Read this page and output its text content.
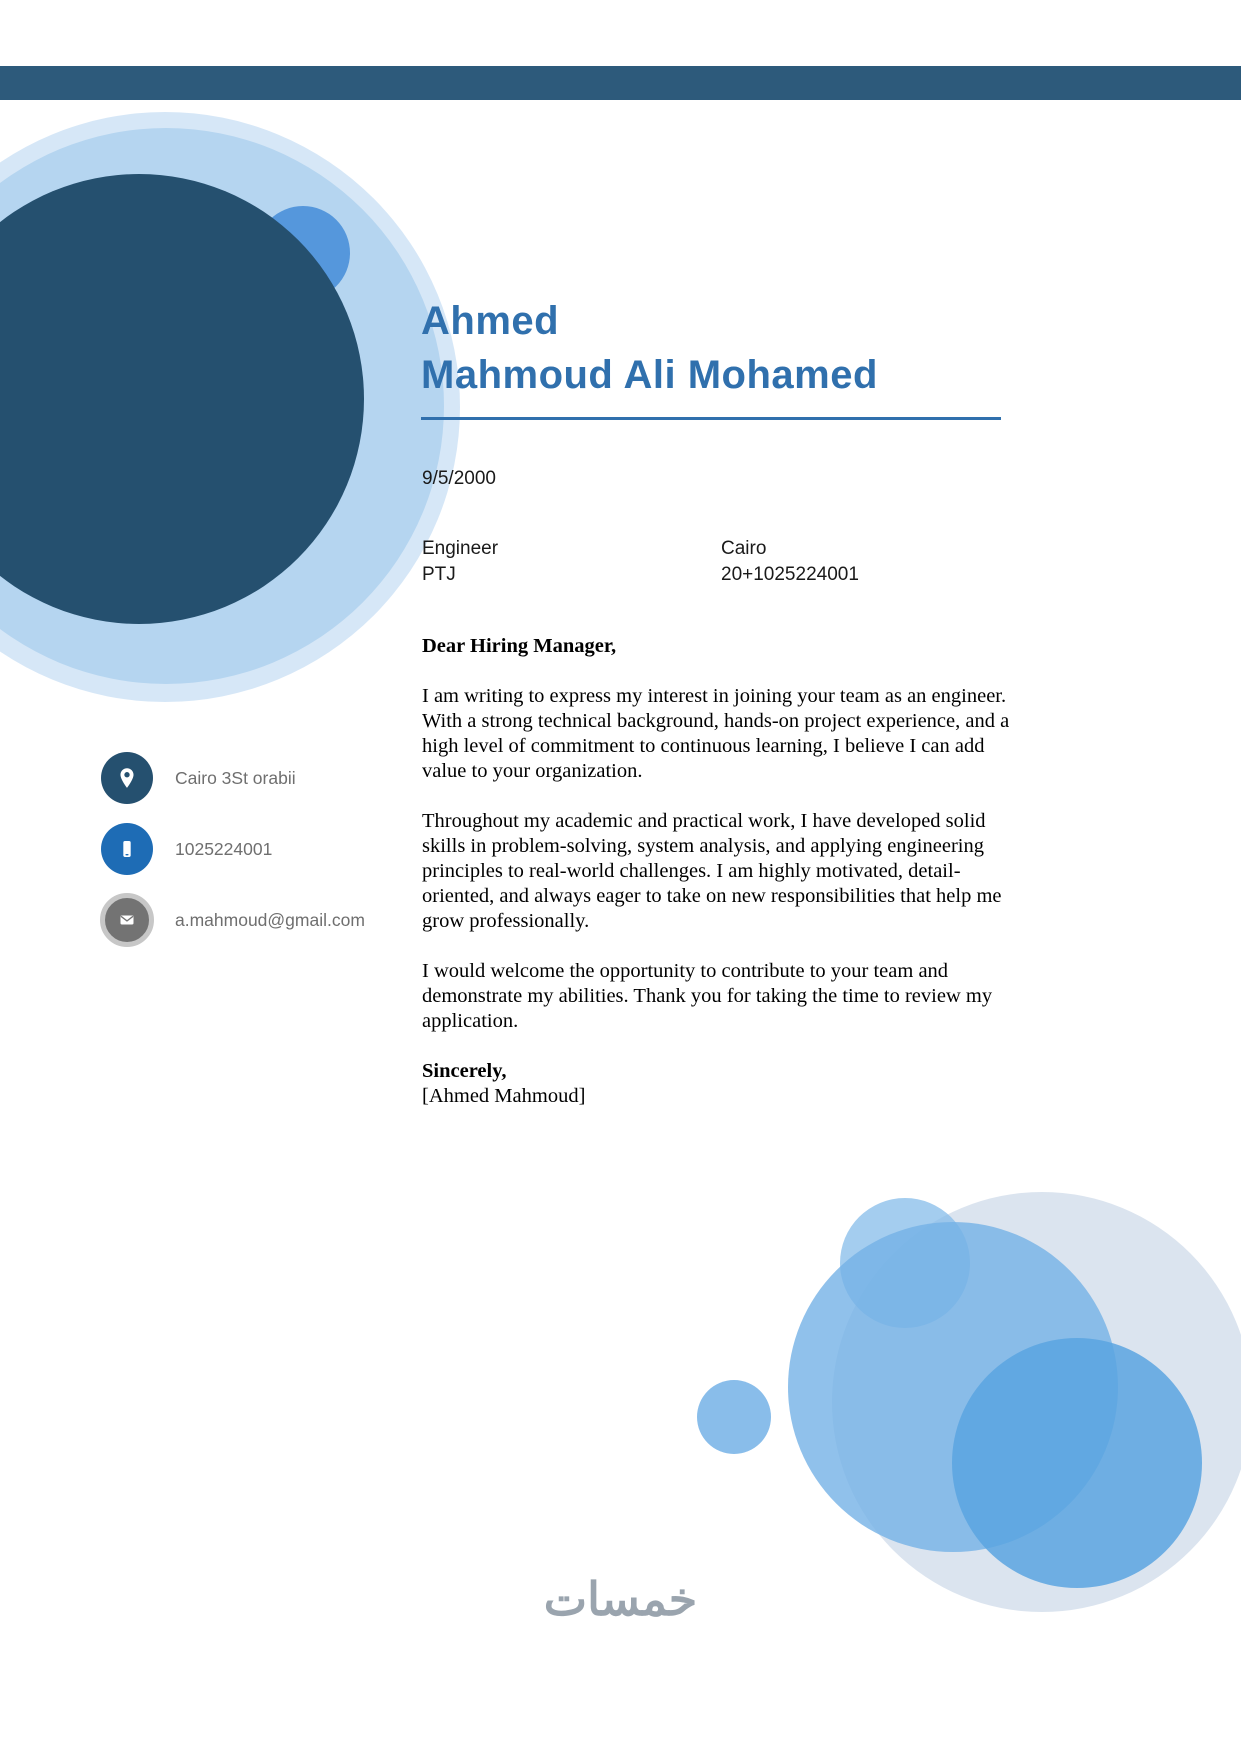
Ahmed
Mahmoud Ali Mohamed
9/5/2000
Engineer	Cairo
PTJ	20+1025224001
Cairo 3St orabii
1025224001
a.mahmoud@gmail.com
Dear Hiring Manager,

I am writing to express my interest in joining your team as an engineer. With a strong technical background, hands-on project experience, and a high level of commitment to continuous learning, I believe I can add value to your organization.

Throughout my academic and practical work, I have developed solid skills in problem-solving, system analysis, and applying engineering principles to real-world challenges. I am highly motivated, detail-oriented, and always eager to take on new responsibilities that help me grow professionally.

I would welcome the opportunity to contribute to your team and demonstrate my abilities. Thank you for taking the time to review my application.

Sincerely,
[Ahmed Mahmoud]
خمسات
